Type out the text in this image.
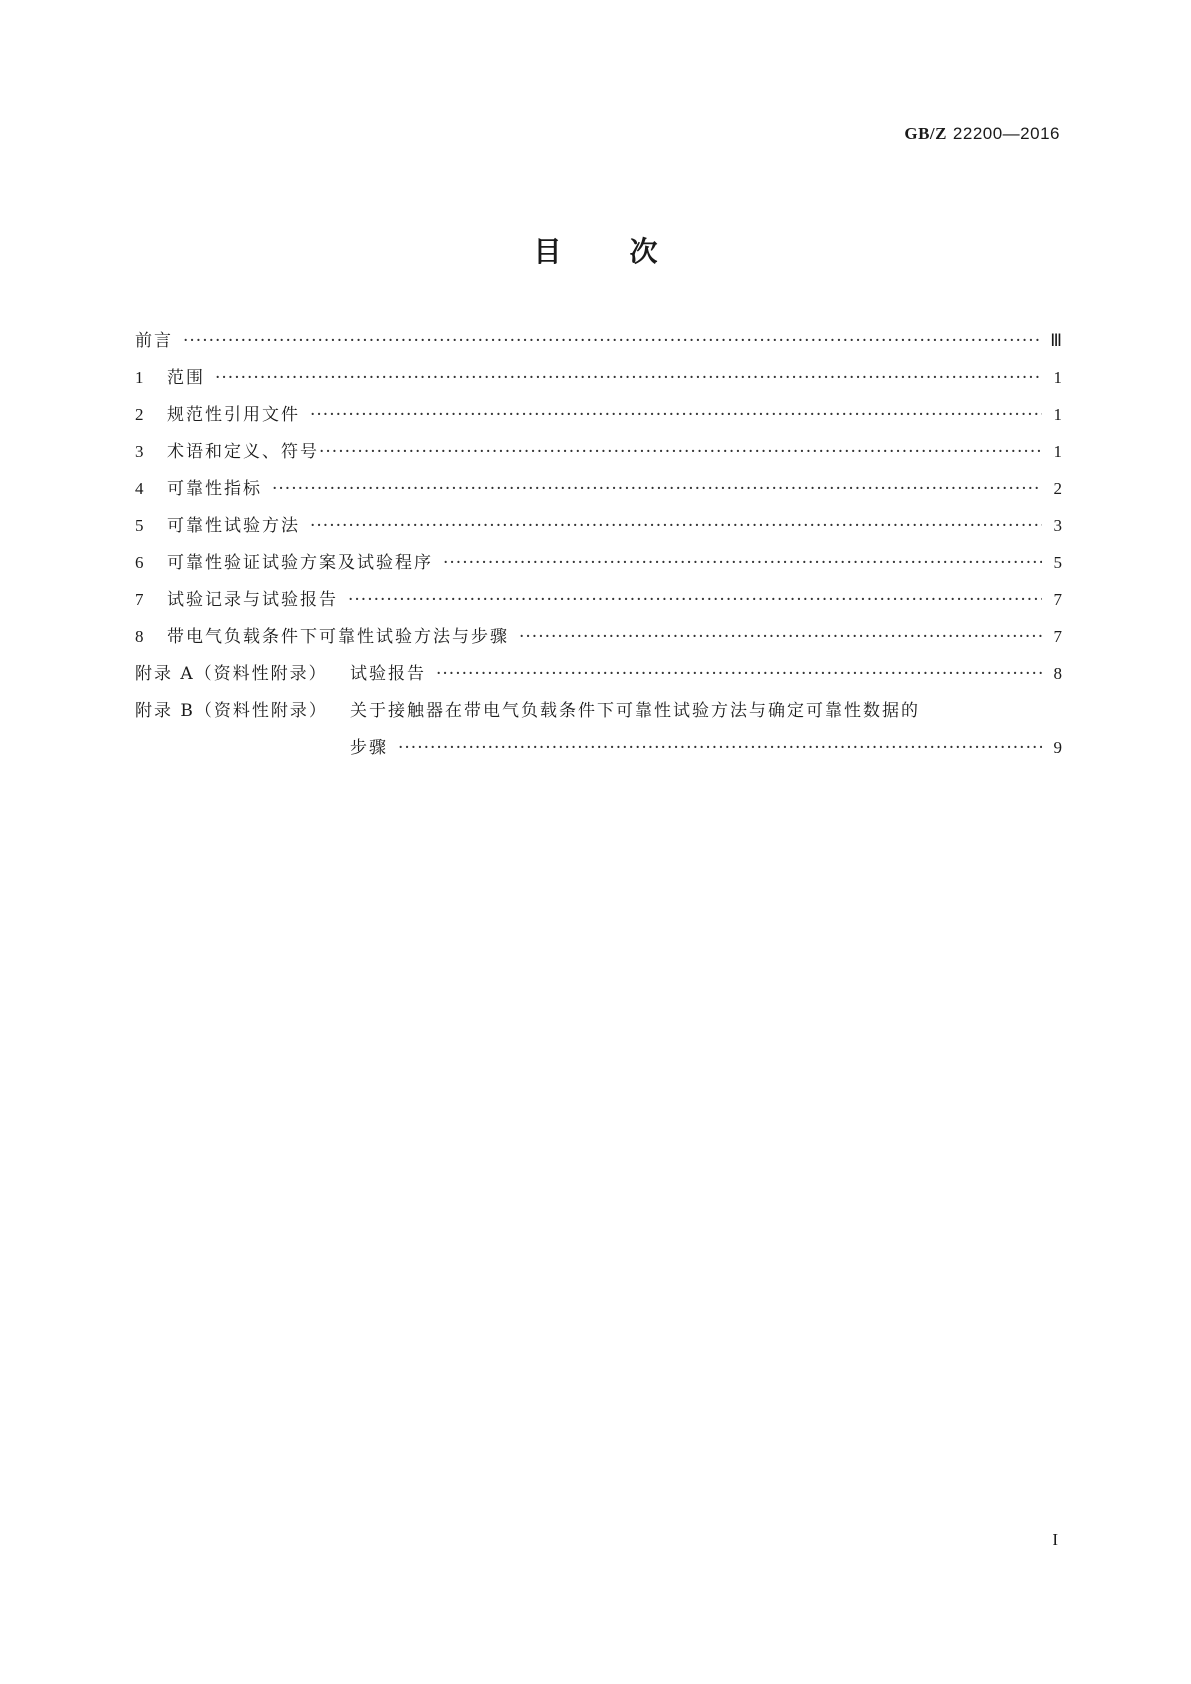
GB/Z 22200—2016
目 次
前言 ·····	Ⅲ
1	范围 ·····	1
2	规范性引用文件 ·····	1
3	术语和定义、符号 ·····	1
4	可靠性指标 ·····	2
5	可靠性试验方法 ·····	3
6	可靠性验证试验方案及试验程序 ·····	5
7	试验记录与试验报告 ·····	7
8	带电气负载条件下可靠性试验方法与步骤 ·····	7
附录 A（资料性附录）	试验报告 ·····	8
附录 B（资料性附录）	关于接触器在带电气负载条件下可靠性试验方法与确定可靠性数据的
步骤 ·····	9
I
